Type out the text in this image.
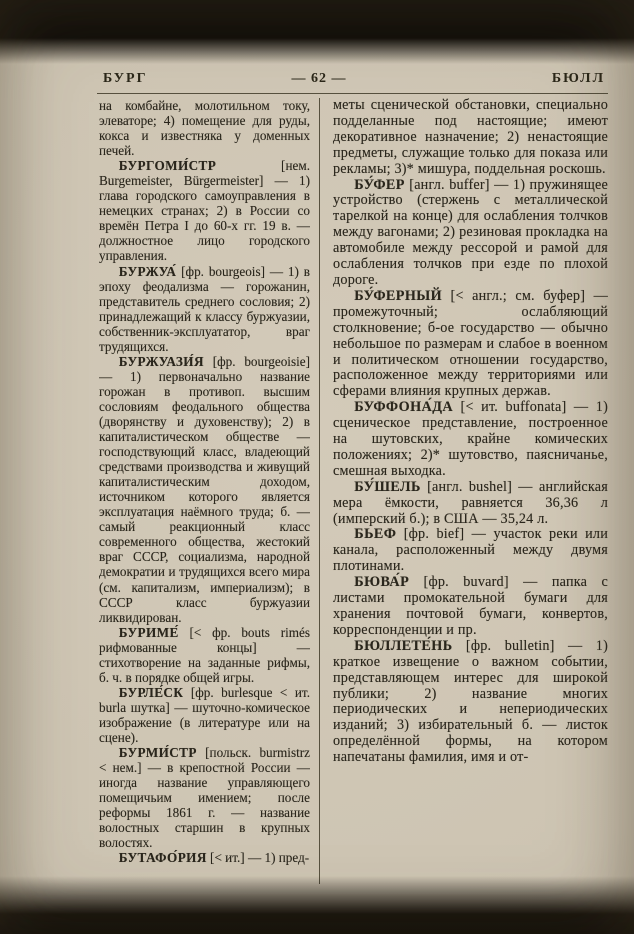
БУРГ	— 62 —	БЮЛЛ

на комбайне, молотильном току, элеваторе; 4) помещение для руды, кокса и известняка у доменных печей.

БУРГОМИ́СТР	[нем. Burgemeister, Bürgermeister] — 1) глава городского самоуправления в немецких странах; 2) в России со времён Петра I до 60-х гг. 19 в. — должностное лицо городского управления.

БУРЖУА́ [фр. bourgeois] — 1) в эпоху феодализма — горожанин, представитель среднего сословия; 2) принадлежащий к классу буржуазии, собственник-эксплуататор, враг трудящихся.

БУРЖУАЗИ́Я [фр. bourgeoisie] — 1) первоначально название горожан в противоп. высшим сословиям феодального общества (дворянству и духовенству); 2) в капиталистическом обществе — господствующий класс, владеющий средствами производства и живущий капиталистическим доходом, источником которого является эксплуатация наёмного труда; б. — самый реакционный класс современного общества, жестокий враг СССР, социализма, народной демократии и трудящихся всего мира (см. капитализм, империализм); в СССР класс буржуазии ликвидирован.

БУРИМЕ́ [< фр. bouts rimés рифмованные концы] — стихотворение на заданные рифмы, б. ч. в порядке общей игры.

БУРЛЕ́СК [фр. burlesque < ит. burla шутка] — шуточно-комическое изображение (в литературе или на сцене).

БУРМИ́СТР [польск. burmistrz < нем.] — в крепостной России — иногда название управляющего помещичьим имением; после реформы 1861 г. — название волостных старшин в крупных волостях.

БУТАФО́РИЯ [< ит.] — 1) пред-

меты сценической обстановки, специально подделанные под настоящие; имеют декоративное назначение; 2) ненастоящие предметы, служащие только для показа или рекламы; 3)* мишура, поддельная роскошь.

БУ́ФЕР [англ. buffer] — 1) пружинящее устройство (стержень с металлической тарелкой на конце) для ослабления толчков между вагонами; 2) резиновая прокладка на автомобиле между рессорой и рамой для ослабления толчков при езде по плохой дороге.

БУ́ФЕРНЫЙ [< англ.; см. буфер] — промежуточный; ослабляющий столкновение; б-ое государство — обычно небольшое по размерам и слабое в военном и политическом отношении государство, расположенное между территориями или сферами влияния крупных держав.

БУФФОНА́ДА [< ит. buffonata] — 1) сценическое представление, построенное на шутовских, крайне комических положениях; 2)* шутовство, паясничанье, смешная выходка.

БУ́ШЕЛЬ [англ. bushel] — английская мера ёмкости, равняется 36,36 л (имперский б.); в США — 35,24 л.

БЬЕФ [фр. bief] — участок реки или канала, расположенный между двумя плотинами.

БЮВА́Р [фр. buvard] — папка с листами промокательной бумаги для хранения почтовой бумаги, конвертов, корреспонденции и пр.

БЮЛЛЕТЕ́НЬ [фр. bulletin] — 1) краткое извещение о важном событии, представляющем интерес для широкой публики; 2) название многих периодических и непериодических изданий; 3) избирательный б. — листок определённой формы, на котором напечатаны фамилия, имя и от-
